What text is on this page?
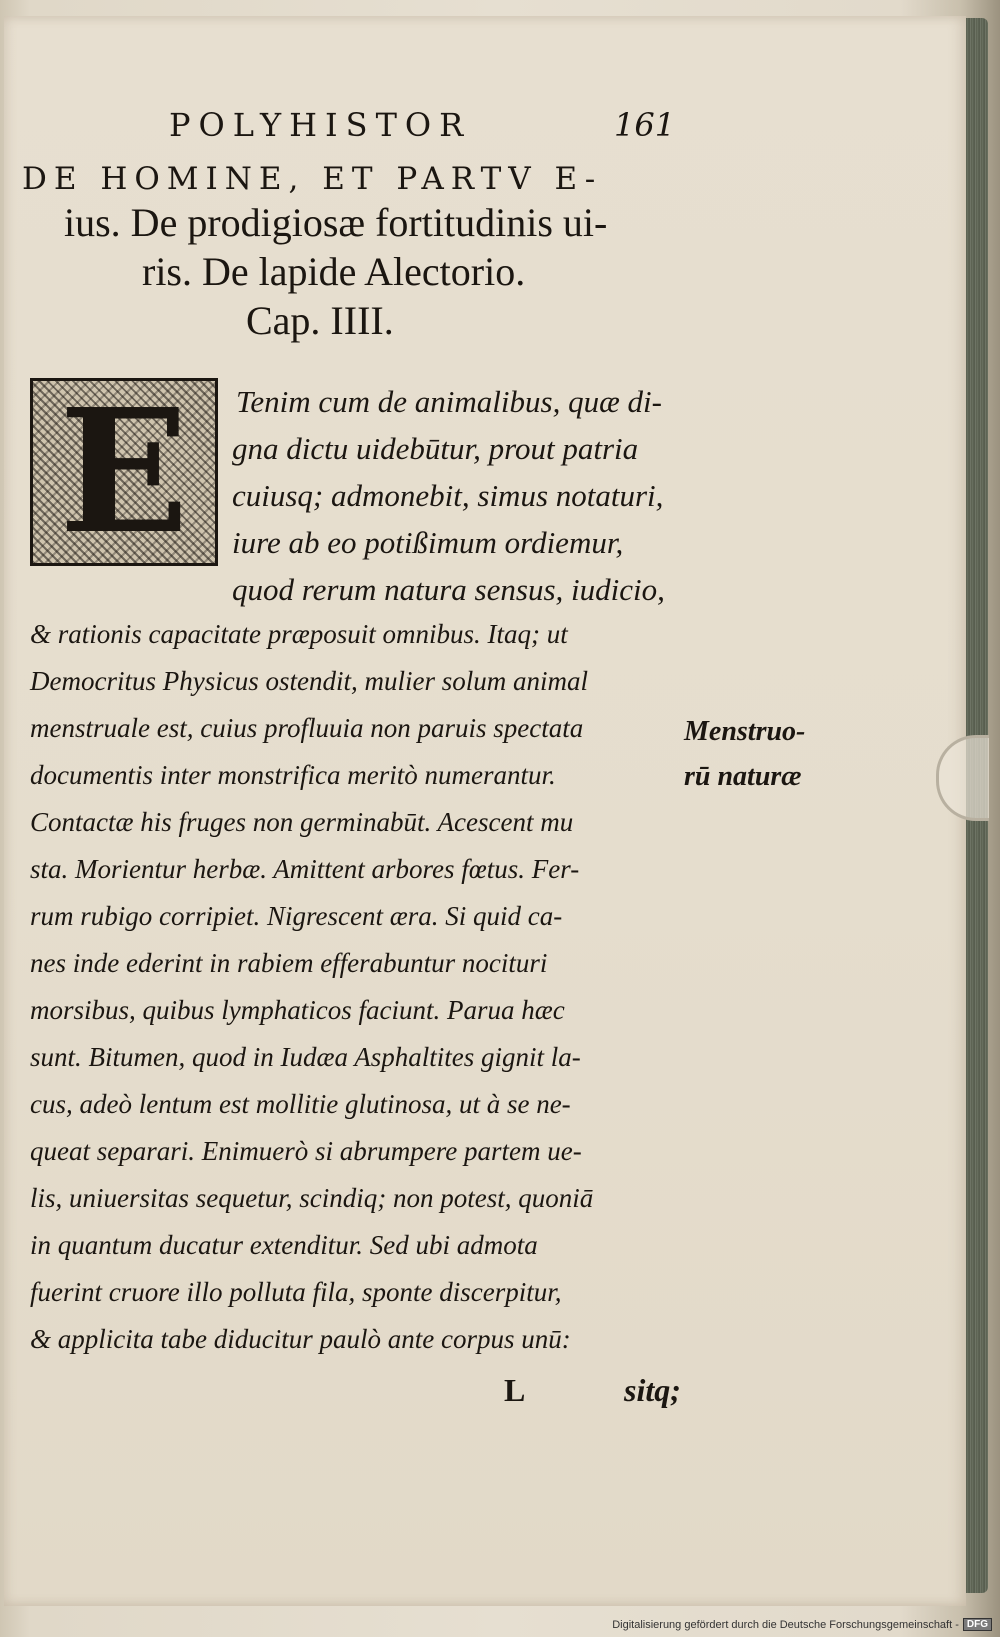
POLYHISTOR	161
DE HOMINE, ET PARTV E-
ius. De prodigiosæ fortitudinis ui-
ris. De lapide Alectorio.
Cap. IIII.
E Tenim cum de animalibus, quæ di-
gna dictu uidebūtur, prout patria
cuiusq; admonebit, simus notaturi,
iure ab eo potißimum ordiemur,
quod rerum natura sensus, iudicio,
& rationis capacitate præposuit omnibus. Itaq; ut
Democritus Physicus ostendit, mulier solum animal
menstruale est, cuius profluuia non paruis spectata
documentis inter monstrifica meritò numerantur.
Contactæ his fruges non germinabūt. Acescent mu
sta. Morientur herbæ. Amittent arbores fœtus. Fer-
rum rubigo corripiet. Nigrescent æra. Si quid ca-
nes inde ederint in rabiem efferabuntur nocituri
morsibus, quibus lymphaticos faciunt. Parua hæc
sunt. Bitumen, quod in Iudæa Asphaltites gignit la-
cus, adeò lentum est mollitie glutinosa, ut à se ne-
queat separari. Enimuerò si abrumpere partem ue-
lis, uniuersitas sequetur, scindiq; non potest, quoniā
in quantum ducatur extenditur. Sed ubi admota
fuerint cruore illo polluta fila, sponte discerpitur,
& applicita tabe diducitur paulò ante corpus unū:
L	sitq;
Menstruo-
rū naturæ
Digitalisierung gefördert durch die Deutsche Forschungsgemeinschaft - DFG
